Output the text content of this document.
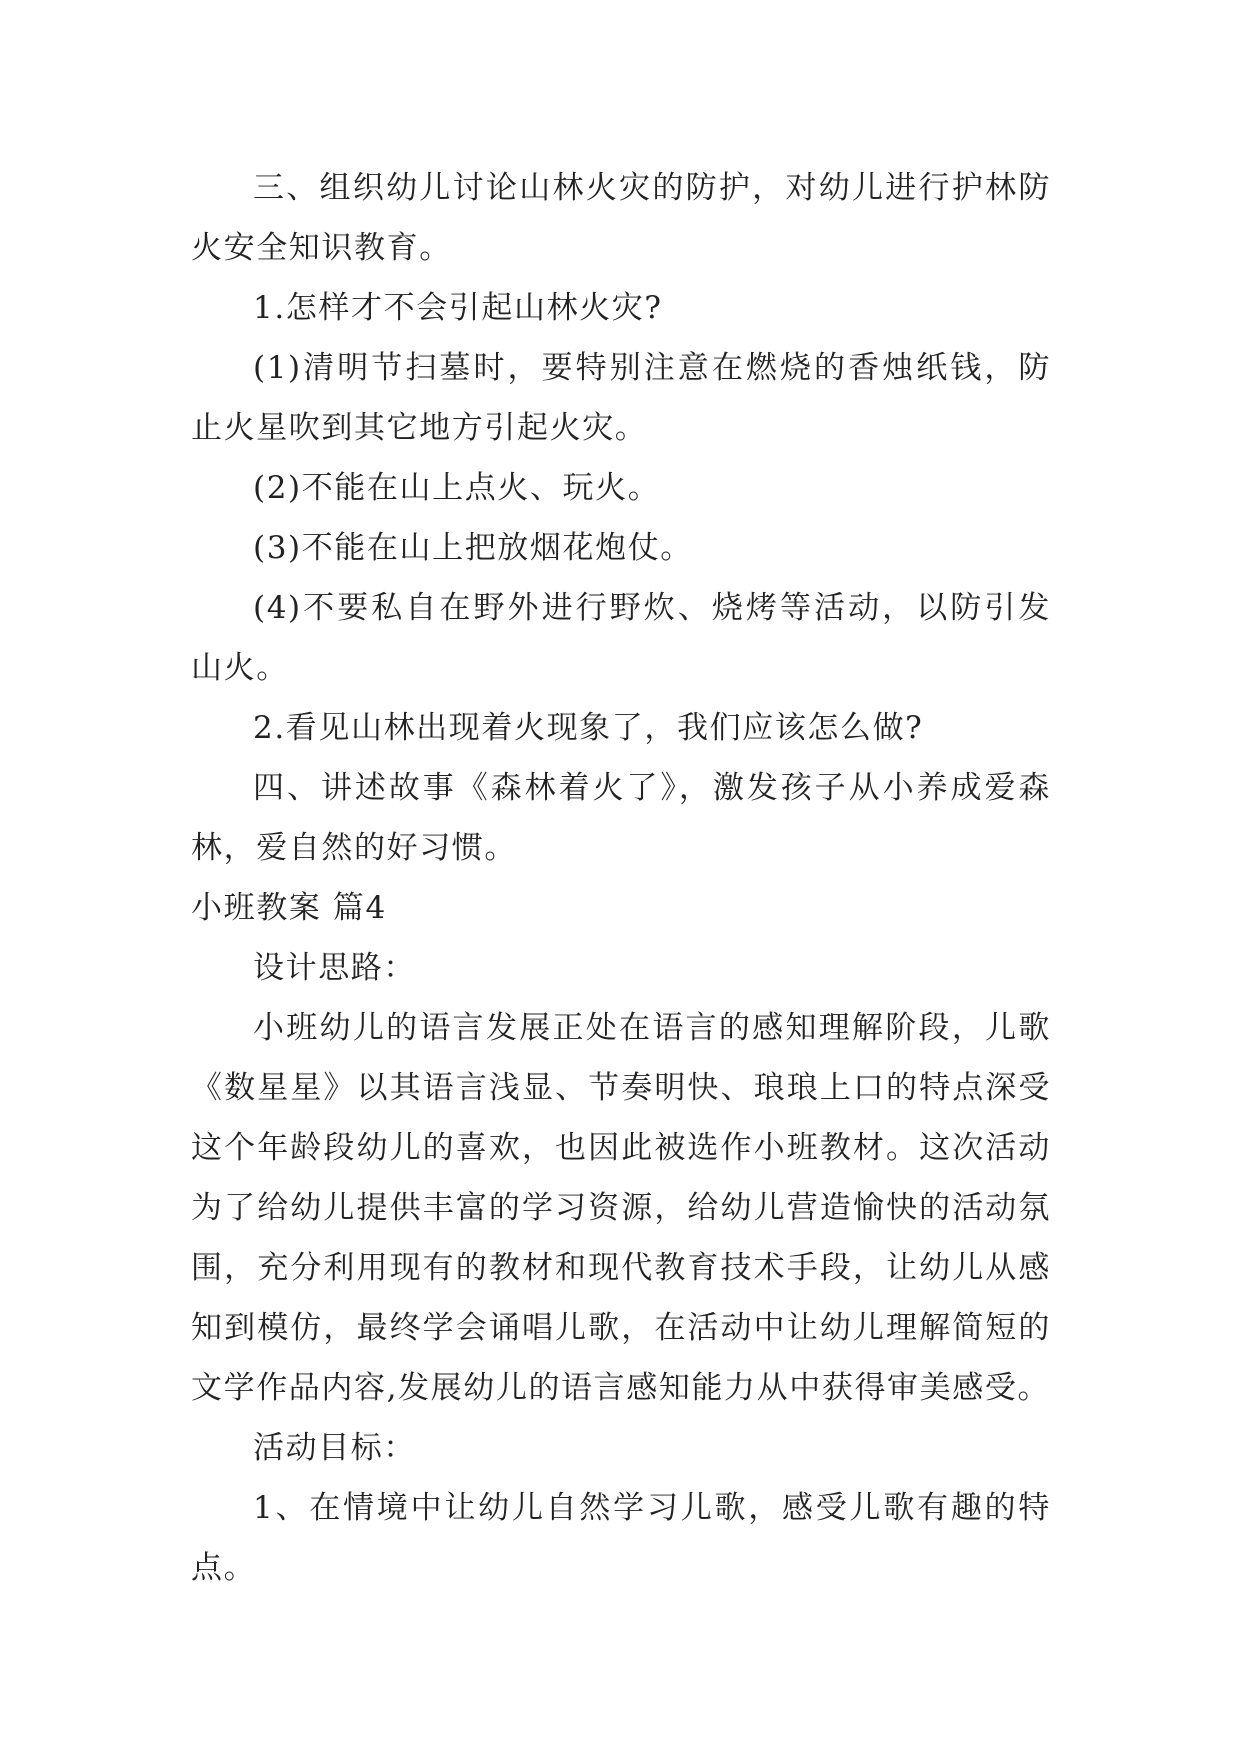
三、组织幼儿讨论山林火灾的防护，对幼儿进行护林防火安全知识教育。

1.怎样才不会引起山林火灾?

(1)清明节扫墓时，要特别注意在燃烧的香烛纸钱，防止火星吹到其它地方引起火灾。

(2)不能在山上点火、玩火。

(3)不能在山上把放烟花炮仗。

(4)不要私自在野外进行野炊、烧烤等活动，以防引发山火。

2.看见山林出现着火现象了，我们应该怎么做?

四、讲述故事《森林着火了》，激发孩子从小养成爱森林，爱自然的好习惯。

小班教案 篇4

设计思路：

小班幼儿的语言发展正处在语言的感知理解阶段，儿歌《数星星》以其语言浅显、节奏明快、琅琅上口的特点深受这个年龄段幼儿的喜欢，也因此被选作小班教材。这次活动为了给幼儿提供丰富的学习资源，给幼儿营造愉快的活动氛围，充分利用现有的教材和现代教育技术手段，让幼儿从感知到模仿，最终学会诵唱儿歌，在活动中让幼儿理解简短的文学作品内容,发展幼儿的语言感知能力从中获得审美感受。

活动目标：

1、在情境中让幼儿自然学习儿歌，感受儿歌有趣的特点。
